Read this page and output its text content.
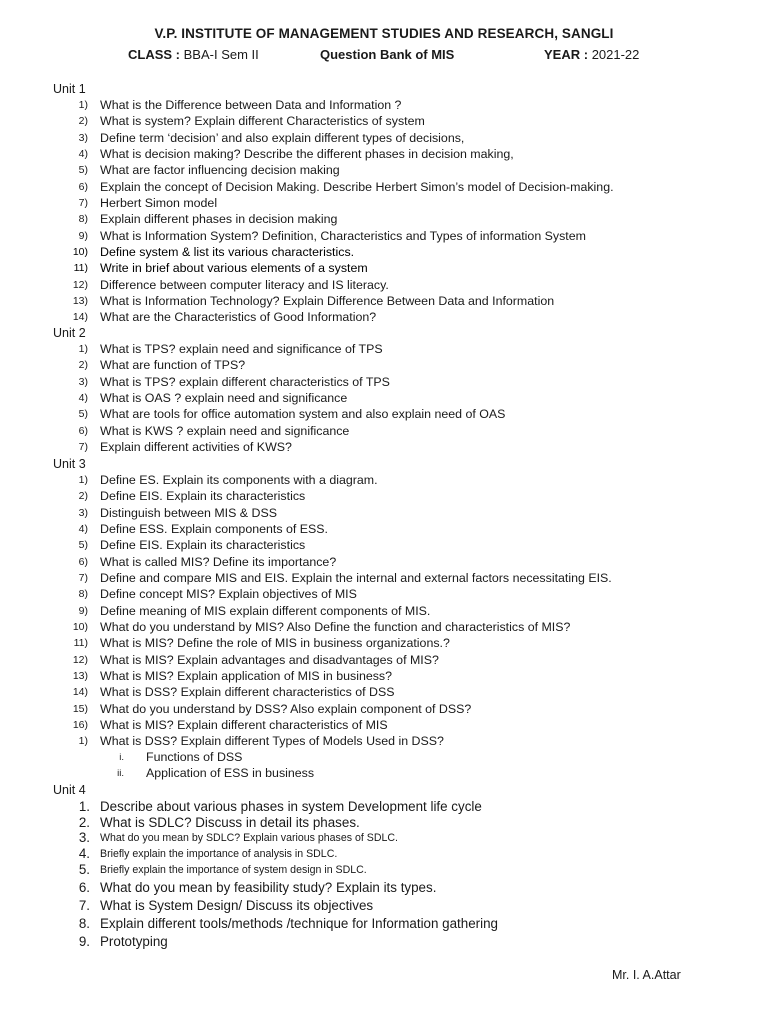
V.P. INSTITUTE OF MANAGEMENT STUDIES AND RESEARCH, SANGLI
CLASS : BBA-I Sem II	Question Bank of MIS	YEAR : 2021-22
Unit 1
1) What is the Difference between Data and Information ?
2) What is system? Explain different Characteristics of system
3) Define term ‘decision’ and also explain different types of decisions,
4) What is decision making? Describe the different phases in decision making,
5) What are factor influencing decision making
6) Explain the concept of Decision Making. Describe Herbert Simon’s model of Decision-making.
7) Herbert Simon model
8) Explain different phases in decision making
9) What is Information System? Definition, Characteristics and Types of information System
10) Define system & list its various characteristics.
11) Write in brief about various elements of a system
12) Difference between computer literacy and IS literacy.
13) What is Information Technology? Explain Difference Between Data and Information
14) What are the Characteristics of Good Information?
Unit 2
1) What is TPS? explain need and significance of TPS
2) What are function of TPS?
3) What is TPS? explain different characteristics of TPS
4) What is OAS ? explain need and significance
5) What are tools for office automation system and also explain need of OAS
6) What is KWS ? explain need and significance
7) Explain different activities of KWS?
Unit 3
1) Define ES. Explain its components with a diagram.
2) Define EIS. Explain its characteristics
3) Distinguish between MIS & DSS
4) Define ESS. Explain components of ESS.
5) Define EIS. Explain its characteristics
6) What is called MIS? Define its importance?
7) Define and compare MIS and EIS. Explain the internal and external factors necessitating EIS.
8) Define concept MIS? Explain objectives of MIS
9) Define meaning of MIS explain different components of MIS.
10) What do you understand by MIS? Also Define the function and characteristics of MIS?
11) What is MIS? Define the role of MIS in business organizations.?
12) What is MIS? Explain advantages and disadvantages of MIS?
13) What is MIS? Explain application of MIS in business?
14) What is DSS? Explain different characteristics of DSS
15) What do you understand by DSS? Also explain component of DSS?
16) What is MIS? Explain different characteristics of MIS
1) What is DSS? Explain different Types of Models Used in DSS?
i. Functions of DSS
ii. Application of ESS in business
Unit 4
1. Describe about various phases in system Development life cycle
2. What is SDLC? Discuss in detail its phases.
3. What do you mean by SDLC? Explain various phases of SDLC.
4. Briefly explain the importance of analysis in SDLC.
5. Briefly explain the importance of system design in SDLC.
6. What do you mean by feasibility study? Explain its types.
7. What is System Design/ Discuss its objectives
8. Explain different tools/methods /technique for Information gathering
9. Prototyping
Mr. I. A.Attar
